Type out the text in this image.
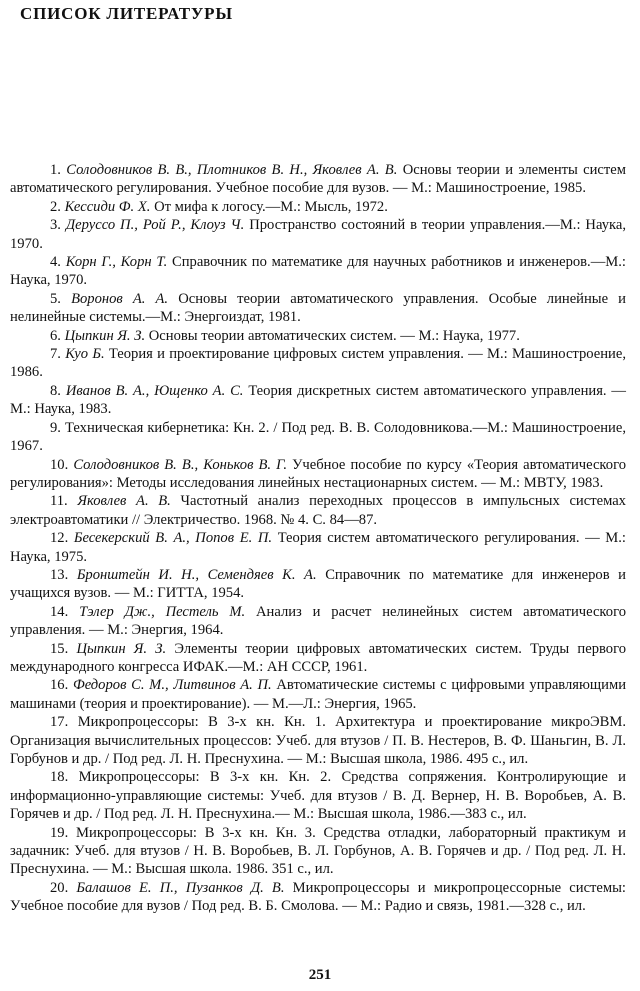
СПИСОК ЛИТЕРАТУРЫ
1. Солодовников В. В., Плотников В. Н., Яковлев А. В. Основы теории и элементы систем автоматического регулирования. Учебное пособие для вузов. — М.: Машиностроение, 1985.
2. Кессиди Ф. Х. От мифа к логосу.—М.: Мысль, 1972.
3. Деруссо П., Рой Р., Клоуз Ч. Пространство состояний в теории управления.—М.: Наука, 1970.
4. Корн Г., Корн Т. Справочник по математике для научных работников и инженеров.—М.: Наука, 1970.
5. Воронов А. А. Основы теории автоматического управления. Особые линейные и нелинейные системы.—М.: Энергоиздат, 1981.
6. Цыпкин Я. З. Основы теории автоматических систем. — М.: Наука, 1977.
7. Куо Б. Теория и проектирование цифровых систем управления. — М.: Машиностроение, 1986.
8. Иванов В. А., Ющенко А. С. Теория дискретных систем автоматического управления. — М.: Наука, 1983.
9. Техническая кибернетика: Кн. 2. / Под ред. В. В. Солодовникова.—М.: Машиностроение, 1967.
10. Солодовников В. В., Коньков В. Г. Учебное пособие по курсу «Теория автоматического регулирования»: Методы исследования линейных нестационарных систем. — М.: МВТУ, 1983.
11. Яковлев А. В. Частотный анализ переходных процессов в импульсных системах электроавтоматики // Электричество. 1968. № 4. С. 84—87.
12. Бесекерский В. А., Попов Е. П. Теория систем автоматического регулирования. — М.: Наука, 1975.
13. Бронштейн И. Н., Семендяев К. А. Справочник по математике для инженеров и учащихся вузов. — М.: ГИТТА, 1954.
14. Тэлер Дж., Пестель М. Анализ и расчет нелинейных систем автоматического управления. — М.: Энергия, 1964.
15. Цыпкин Я. З. Элементы теории цифровых автоматических систем. Труды первого международного конгресса ИФАК.—М.: АН СССР, 1961.
16. Федоров С. М., Литвинов А. П. Автоматические системы с цифровыми управляющими машинами (теория и проектирование). — М.—Л.: Энергия, 1965.
17. Микропроцессоры: В 3-х кн. Кн. 1. Архитектура и проектирование микроЭВМ. Организация вычислительных процессов: Учеб. для втузов / П. В. Нестеров, В. Ф. Шаньгин, В. Л. Горбунов и др. / Под ред. Л. Н. Преснухина. — М.: Высшая школа, 1986. 495 с., ил.
18. Микропроцессоры: В 3-х кн. Кн. 2. Средства сопряжения. Контролирующие и информационно-управляющие системы: Учеб. для втузов / В. Д. Вернер, Н. В. Воробьев, А. В. Горячев и др. / Под ред. Л. Н. Преснухина.— М.: Высшая школа, 1986.—383 с., ил.
19. Микропроцессоры: В 3-х кн. Кн. 3. Средства отладки, лабораторный практикум и задачник: Учеб. для втузов / Н. В. Воробьев, В. Л. Горбунов, А. В. Горячев и др. / Под ред. Л. Н. Преснухина. — М.: Высшая школа. 1986. 351 с., ил.
20. Балашов Е. П., Пузанков Д. В. Микропроцессоры и микропроцессорные системы: Учебное пособие для вузов / Под ред. В. Б. Смолова. — М.: Радио и связь, 1981.—328 с., ил.
251
